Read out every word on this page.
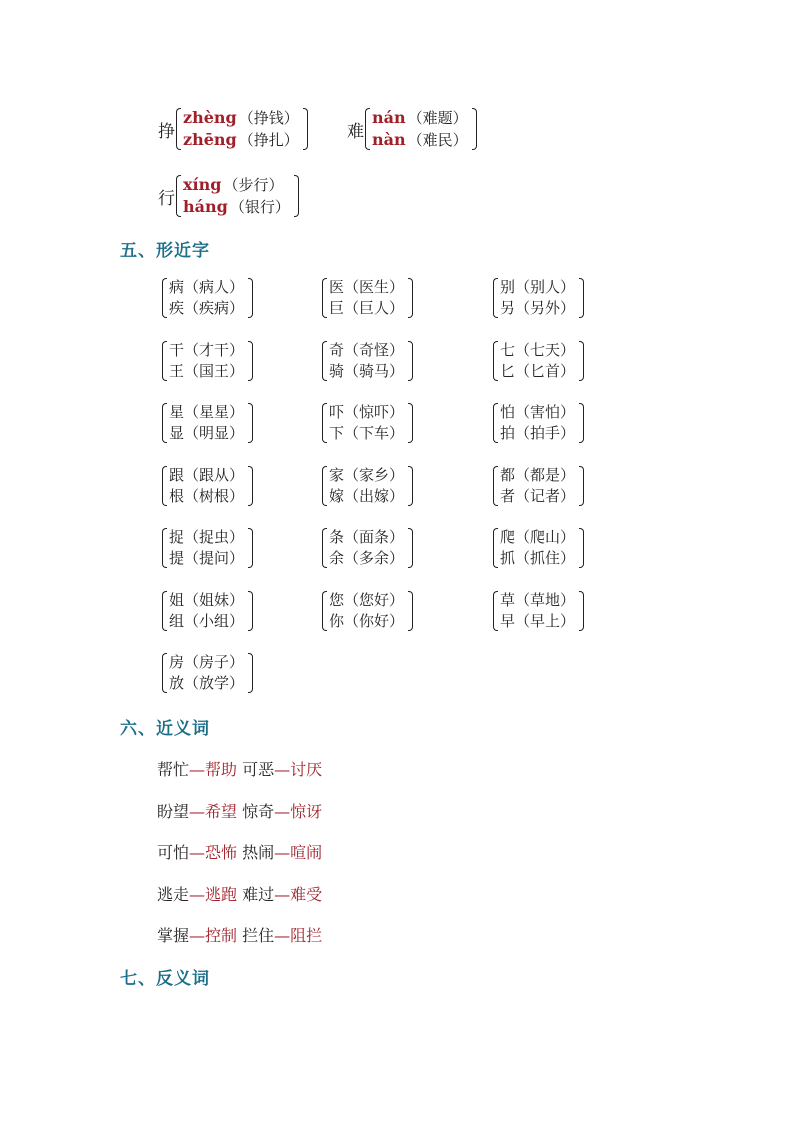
挣
zhèng （挣钱）
zhēng （挣扎）	难
nán （难题）
nàn （难民）
行
xíng （步行）
háng （银行）
五、形近字
病（病人）
疾（疾病）
医（医生）
巨（巨人）
别（别人）
另（另外）
干（才干）
王（国王）
奇（奇怪）
骑（骑马）
七（七天）
匕（匕首）
星（星星）
显（明显）
吓（惊吓）
下（下车）
怕（害怕）
拍（拍手）
跟（跟从）
根（树根）
家（家乡）
嫁（出嫁）
都（都是）
者（记者）
捉（捉虫）
提（提问）
条（面条）
余（多余）
爬（爬山）
抓（抓住）
姐（姐妹）
组（小组）
您（您好）
你（你好）
草（草地）
早（早上）
房（房子）
放（放学）
六、近义词
帮忙—帮助 可恶—讨厌
盼望—希望 惊奇—惊讶
可怕—恐怖 热闹—喧闹
逃走—逃跑 难过—难受
掌握—控制 拦住—阻拦
七、反义词
